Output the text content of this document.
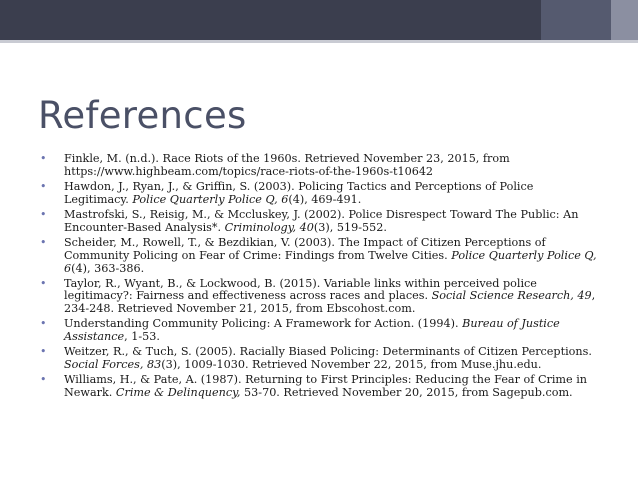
References
• Finkle, M. (n.d.). Race Riots of the 1960s. Retrieved November 23, 2015, from https://www.highbeam.com/topics/race-riots-of-the-1960s-t10642
• Hawdon, J., Ryan, J., & Griffin, S. (2003). Policing Tactics and Perceptions of Police Legitimacy. Police Quarterly Police Q, 6(4), 469-491.
• Mastrofski, S., Reisig, M., & Mccluskey, J. (2002). Police Disrespect Toward The Public: An Encounter-Based Analysis*. Criminology, 40(3), 519-552.
• Scheider, M., Rowell, T., & Bezdikian, V. (2003). The Impact of Citizen Perceptions of Community Policing on Fear of Crime: Findings from Twelve Cities. Police Quarterly Police Q, 6(4), 363-386.
• Taylor, R., Wyant, B., & Lockwood, B. (2015). Variable links within perceived police legitimacy?: Fairness and effectiveness across races and places. Social Science Research, 49, 234-248. Retrieved November 21, 2015, from Ebscohost.com.
• Understanding Community Policing: A Framework for Action. (1994). Bureau of Justice Assistance, 1-53.
• Weitzer, R., & Tuch, S. (2005). Racially Biased Policing: Determinants of Citizen Perceptions. Social Forces, 83(3), 1009-1030. Retrieved November 22, 2015, from Muse.jhu.edu.
• Williams, H., & Pate, A. (1987). Returning to First Principles: Reducing the Fear of Crime in Newark. Crime & Delinquency, 53-70. Retrieved November 20, 2015, from Sagepub.com.
